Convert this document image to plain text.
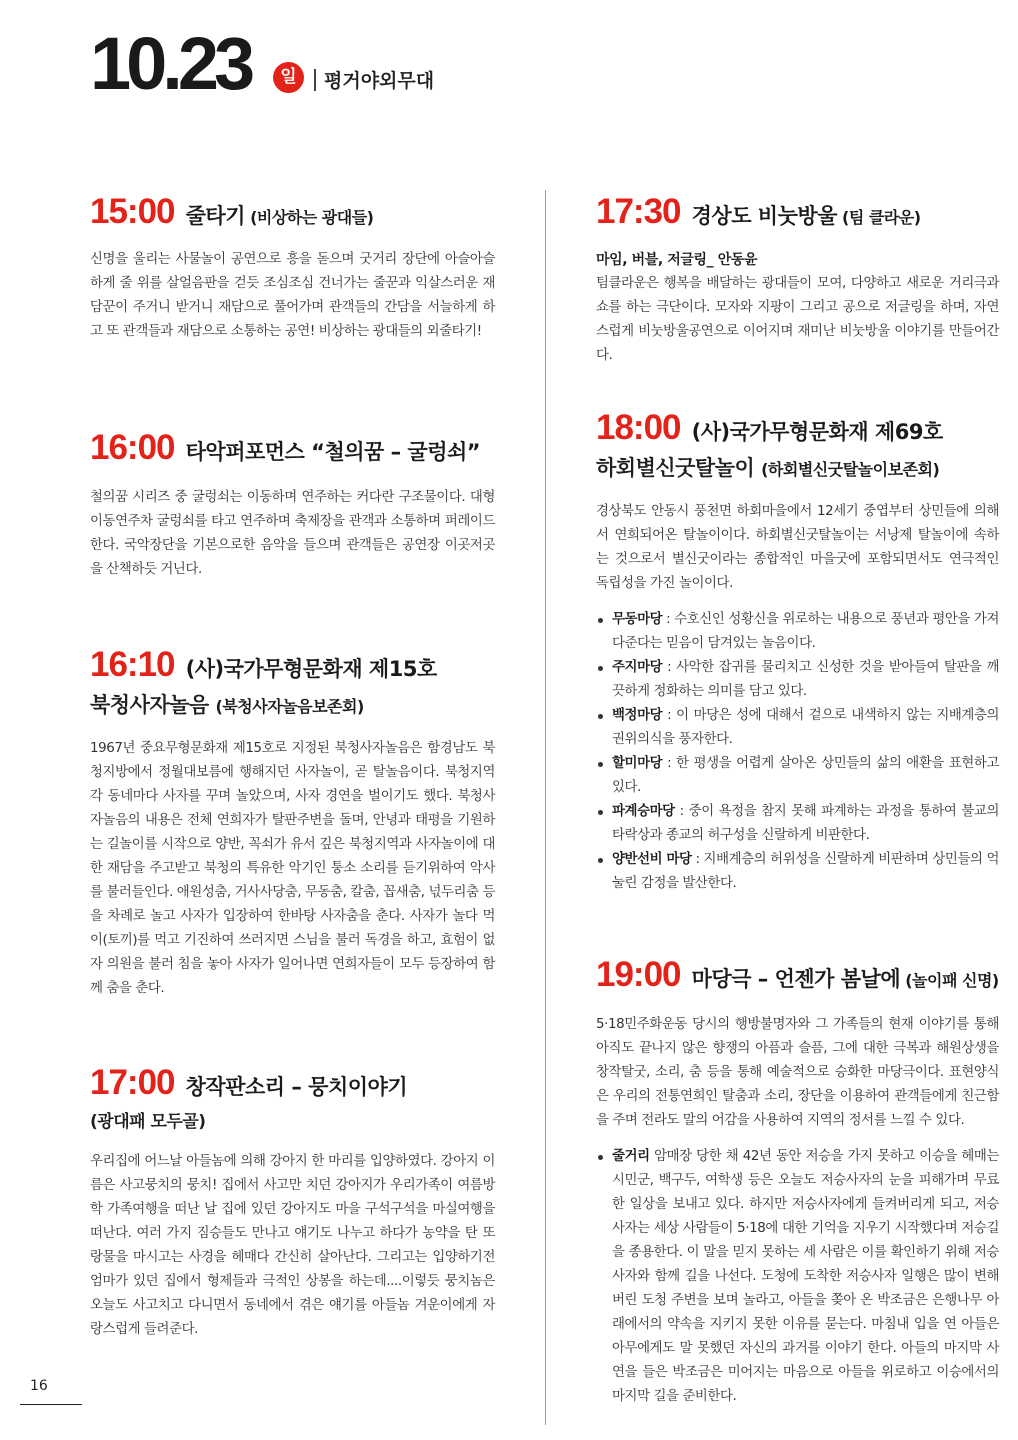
10.23	일	평거야외무대
15:00 줄타기 (비상하는 광대들)

신명을 울리는 사물놀이 공연으로 흥을 돋으며 굿거리 장단에 아슬아슬하게 줄 위를 살얼음판을 걷듯 조심조심 건너가는 줄꾼과 익살스러운 재담꾼이 주거니 받거니 재담으로 풀어가며 관객들의 간담을 서늘하게 하고 또 관객들과 재담으로 소통하는 공연! 비상하는 광대들의 외줄타기!

16:00 타악퍼포먼스 “철의꿈 – 굴렁쇠”

철의꿈 시리즈 중 굴렁쇠는 이동하며 연주하는 커다란 구조물이다. 대형이동연주차 굴렁쇠를 타고 연주하며 축제장을 관객과 소통하며 퍼레이드 한다. 국악장단을 기본으로한 음악을 들으며 관객들은 공연장 이곳저곳을 산책하듯 거닌다.

16:10 (사)국가무형문화재 제15호
북청사자놀음 (북청사자놀음보존회)

1967년 중요무형문화재 제15호로 지정된 북청사자놀음은 함경남도 북청지방에서 정월대보름에 행해지던 사자놀이, 곧 탈놀음이다. 북청지역 각 동네마다 사자를 꾸며 놀았으며, 사자 경연을 벌이기도 했다. 북청사자놀음의 내용은 전체 연희자가 탈판주변을 돌며, 안녕과 태평을 기원하는 길놀이를 시작으로 양반, 꼭쇠가 유서 깊은 북청지역과 사자놀이에 대한 재담을 주고받고 북청의 특유한 악기인 퉁소 소리를 듣기위하여 악사를 불러들인다. 애원성춤, 거사사당춤, 무동춤, 칼춤, 꼽새춤, 넋두리춤 등을 차례로 놀고 사자가 입장하여 한바탕 사자춤을 춘다. 사자가 놀다 먹이(토끼)를 먹고 기진하여 쓰러지면 스님을 불러 독경을 하고, 효험이 없자 의원을 불러 침을 놓아 사자가 일어나면 연희자들이 모두 등장하여 함께 춤을 춘다.

17:00 창작판소리 – 뭉치이야기
(광대패 모두골)

우리집에 어느날 아들놈에 의해 강아지 한 마리를 입양하였다. 강아지 이름은 사고뭉치의 뭉치! 집에서 사고만 치던 강아지가 우리가족이 여름방학 가족여행을 떠난 날 집에 있던 강아지도 마을 구석구석을 마실여행을 떠난다. 여러 가지 짐승들도 만나고 얘기도 나누고 하다가 농약을 탄 또랑물을 마시고는 사경을 헤매다 간신히 살아난다. 그리고는 입양하기전 엄마가 있던 집에서 형제들과 극적인 상봉을 하는데....이렇듯 뭉치놈은 오늘도 사고치고 다니면서 동네에서 겪은 얘기를 아들놈 겨운이에게 자랑스럽게 들려준다.

17:30 경상도 비눗방울 (팀 클라운)
마임, 버블, 저글링_ 안동윤

팀클라운은 행복을 배달하는 광대들이 모여, 다양하고 새로운 거리극과 쇼를 하는 극단이다. 모자와 지팡이 그리고 공으로 저글링을 하며, 자연스럽게 비눗방울공연으로 이어지며 재미난 비눗방울 이야기를 만들어간다.

18:00 (사)국가무형문화재 제69호
하회별신굿탈놀이 (하회별신굿탈놀이보존회)

경상북도 안동시 풍천면 하회마을에서 12세기 중엽부터 상민들에 의해서 연희되어온 탈놀이이다. 하회별신굿탈놀이는 서낭제 탈놀이에 속하는 것으로서 별신굿이라는 종합적인 마을굿에 포함되면서도 연극적인 독립성을 가진 놀이이다.

무동마당 : 수호신인 성황신을 위로하는 내용으로 풍년과 평안을 가져다준다는 믿음이 담겨있는 놀음이다.
주지마당 : 사악한 잡귀를 물리치고 신성한 것을 받아들여 탈판을 깨끗하게 정화하는 의미를 담고 있다.
백정마당 : 이 마당은 성에 대해서 겉으로 내색하지 않는 지배계층의 권위의식을 풍자한다.
할미마당 : 한 평생을 어렵게 살아온 상민들의 삶의 애환을 표현하고 있다.
파계승마당 : 중이 욕정을 참지 못해 파계하는 과정을 통하여 불교의 타락상과 종교의 허구성을 신랄하게 비판한다.
양반선비 마당 : 지배계층의 허위성을 신랄하게 비판하며 상민들의 억눌린 감정을 발산한다.
19:00 마당극 – 언젠가 봄날에 (놀이패 신명)

5·18민주화운동 당시의 행방불명자와 그 가족들의 현재 이야기를 통해 아직도 끝나지 않은 향쟁의 아픔과 슬픔, 그에 대한 극복과 해원상생을 창작탈굿, 소리, 춤 등을 통해 예술적으로 승화한 마당극이다. 표현양식은 우리의 전통연희인 탈춤과 소리, 장단을 이용하여 관객들에게 친근함을 주며 전라도 말의 어감을 사용하여 지역의 정서를 느낄 수 있다.

줄거리 암매장 당한 채 42년 동안 저승을 가지 못하고 이승을 헤매는 시민군, 백구두, 여학생 등은 오늘도 저승사자의 눈을 피해가며 무료한 일상을 보내고 있다. 하지만 저승사자에게 들켜버리게 되고, 저승사자는 세상 사람들이 5·18에 대한 기억을 지우기 시작했다며 저승길을 종용한다. 이 말을 믿지 못하는 세 사람은 이를 확인하기 위해 저승사자와 함께 길을 나선다. 도청에 도착한 저승사자 일행은 많이 변해버린 도청 주변을 보며 놀라고, 아들을 쫒아 온 박조금은 은행나무 아래에서의 약속을 지키지 못한 이유를 묻는다. 마침내 입을 연 아들은 아무에게도 말 못했던 자신의 과거를 이야기 한다. 아들의 마지막 사연을 들은 박조금은 미어지는 마음으로 아들을 위로하고 이승에서의 마지막 길을 준비한다.
16
